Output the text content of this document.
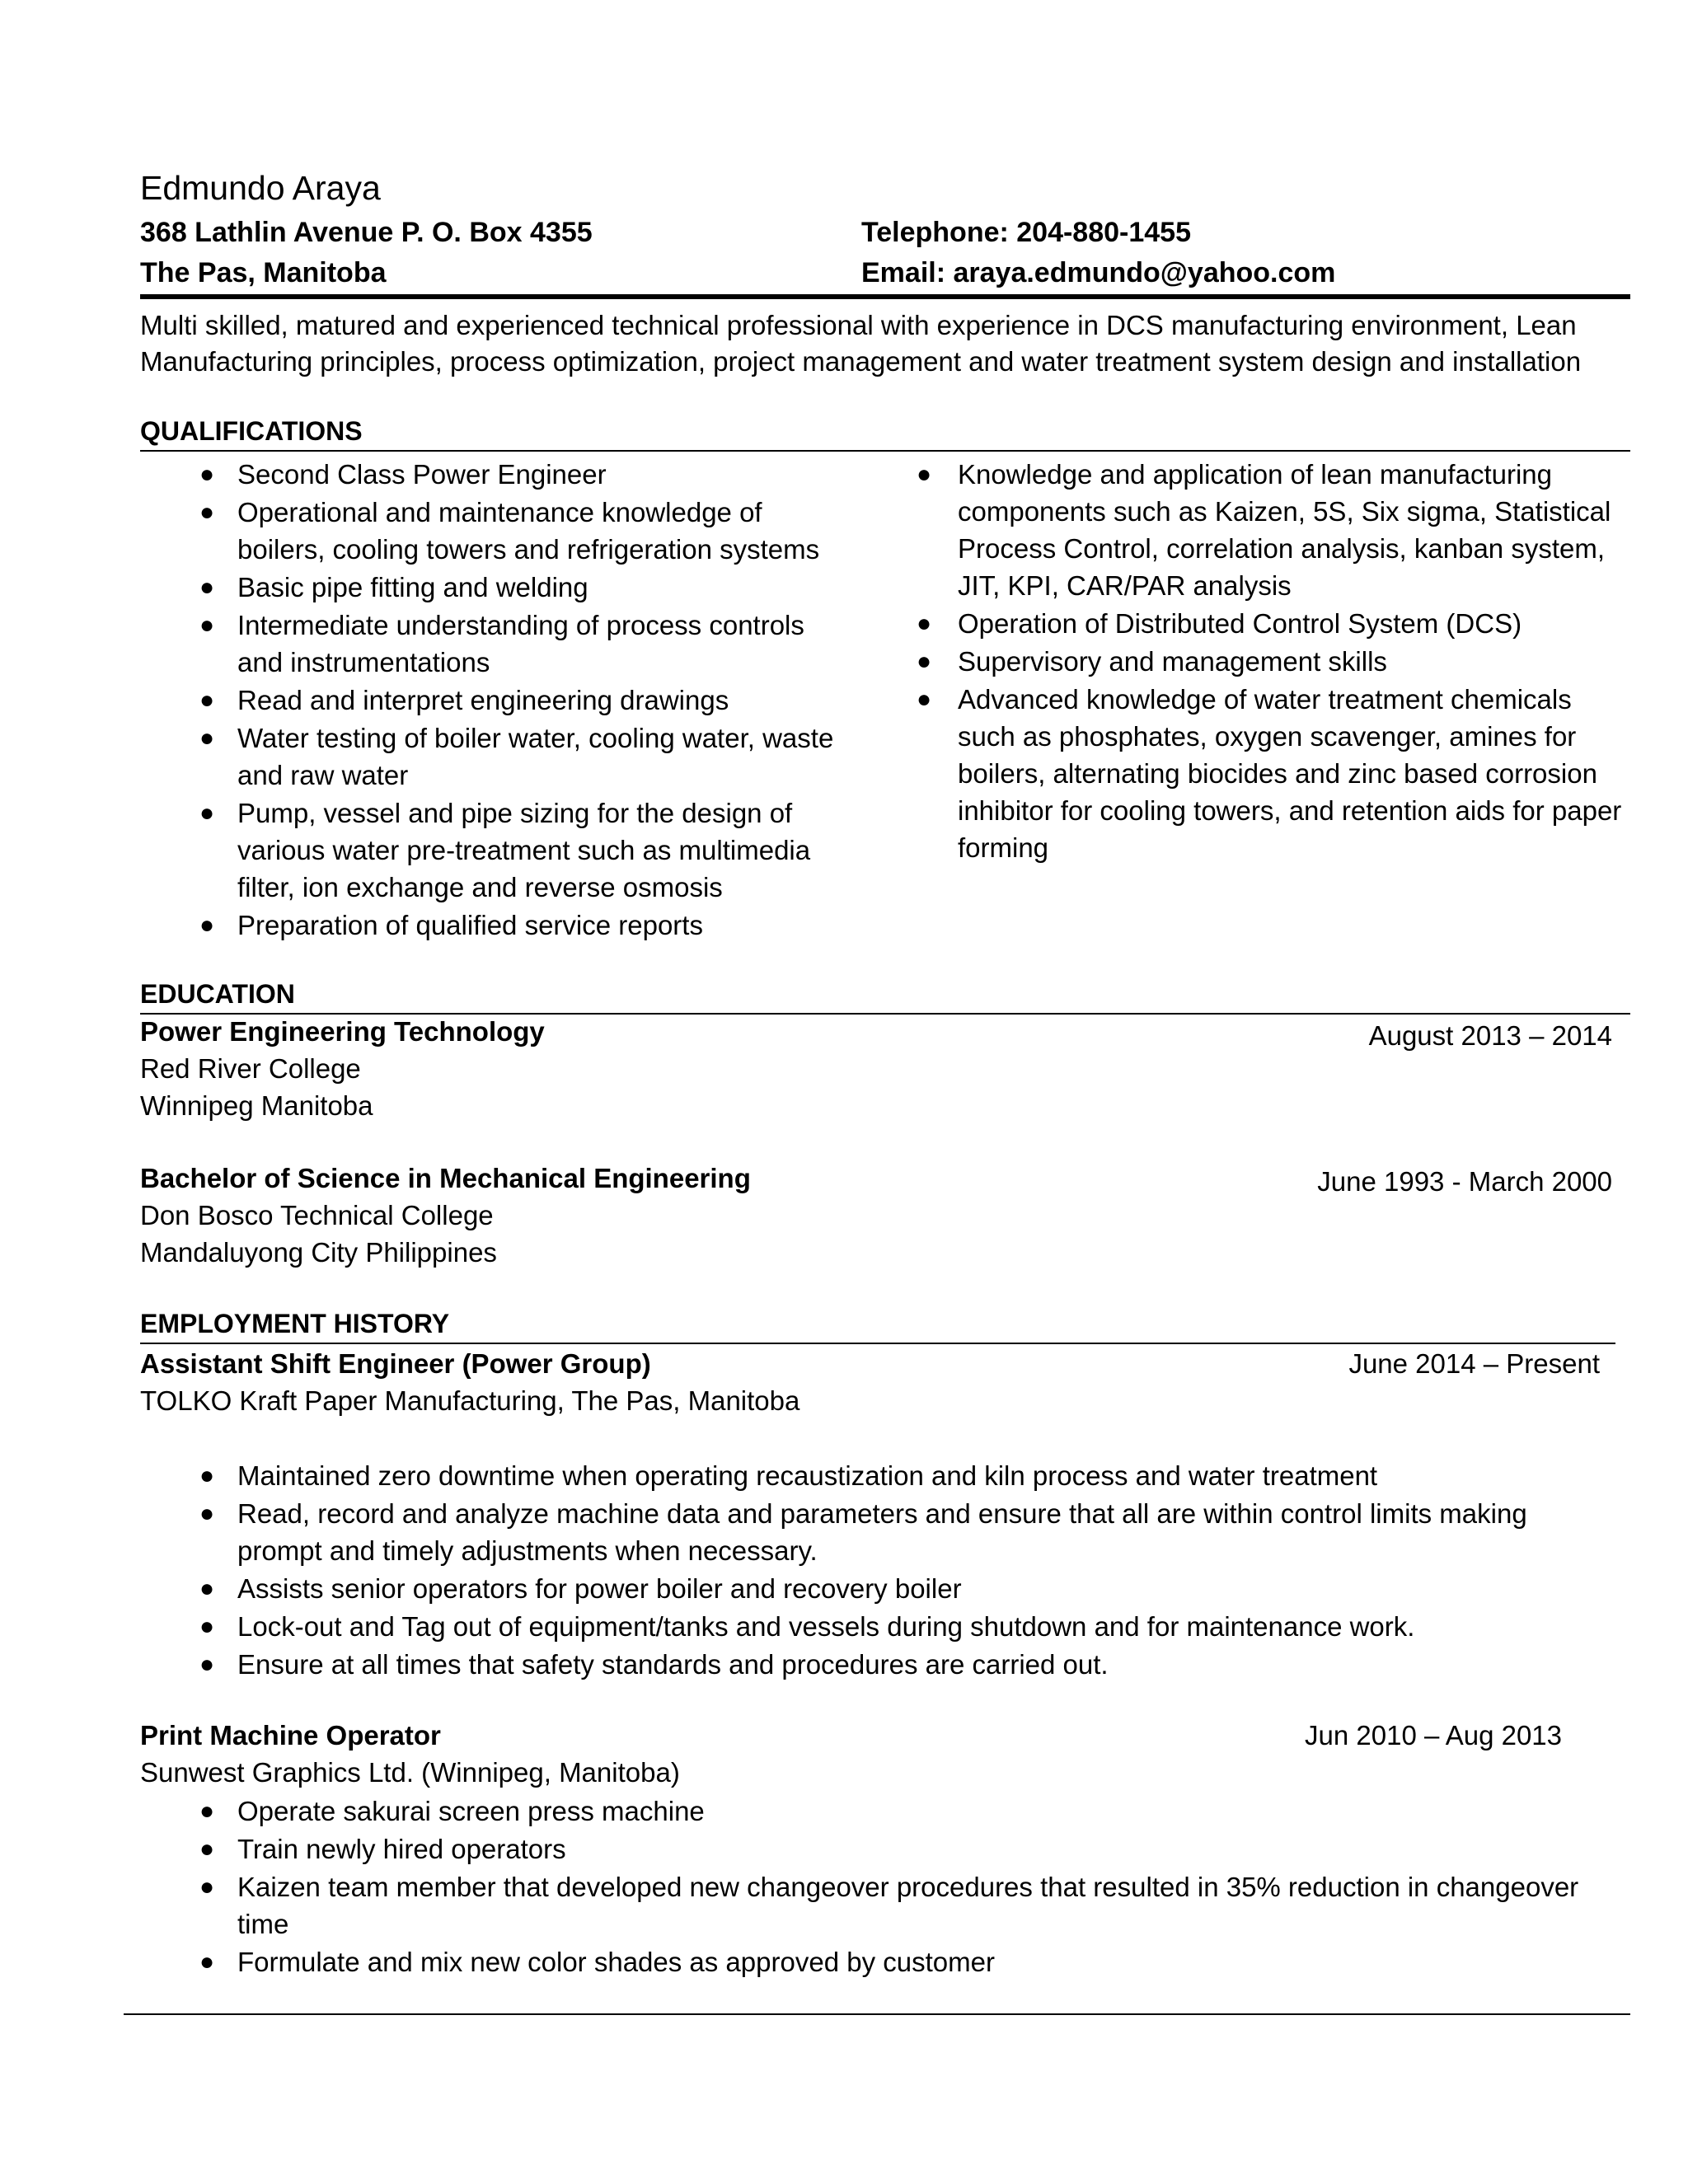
Edmundo Araya
368 Lathlin Avenue P. O. Box 4355
The Pas, Manitoba
Telephone: 204-880-1455
Email: araya.edmundo@yahoo.com
Multi skilled, matured and experienced technical professional with experience in DCS manufacturing environment, Lean Manufacturing principles, process optimization, project management and water treatment system design and installation
QUALIFICATIONS
● Second Class Power Engineer
● Operational and maintenance knowledge of boilers, cooling towers and refrigeration systems
● Basic pipe fitting and welding
● Intermediate understanding of process controls and instrumentations
● Read and interpret engineering drawings
● Water testing of boiler water, cooling water, waste and raw water
● Pump, vessel and pipe sizing for the design of various water pre-treatment such as multimedia filter, ion exchange and reverse osmosis
● Preparation of qualified service reports
● Knowledge and application of lean manufacturing components such as Kaizen, 5S, Six sigma, Statistical Process Control, correlation analysis, kanban system, JIT, KPI, CAR/PAR analysis
● Operation of Distributed Control System (DCS)
● Supervisory and management skills
● Advanced knowledge of water treatment chemicals such as phosphates, oxygen scavenger, amines for boilers, alternating biocides and zinc based corrosion inhibitor for cooling towers, and retention aids for paper forming
EDUCATION
Power Engineering Technology
Red River College
Winnipeg Manitoba
August 2013 – 2014
Bachelor of Science in Mechanical Engineering
Don Bosco Technical College
Mandaluyong City Philippines
June 1993 - March 2000
EMPLOYMENT HISTORY
Assistant Shift Engineer (Power Group)
TOLKO Kraft Paper Manufacturing, The Pas, Manitoba
June 2014 – Present
● Maintained zero downtime when operating recaustization and kiln process and water treatment
● Read, record and analyze machine data and parameters and ensure that all are within control limits making prompt and timely adjustments when necessary.
● Assists senior operators for power boiler and recovery boiler
● Lock-out and Tag out of equipment/tanks and vessels during shutdown and for maintenance work.
● Ensure at all times that safety standards and procedures are carried out.
Print Machine Operator
Sunwest Graphics Ltd. (Winnipeg, Manitoba)
Jun 2010 – Aug 2013
● Operate sakurai screen press machine
● Train newly hired operators
● Kaizen team member that developed new changeover procedures that resulted in 35% reduction in changeover time
● Formulate and mix new color shades as approved by customer
